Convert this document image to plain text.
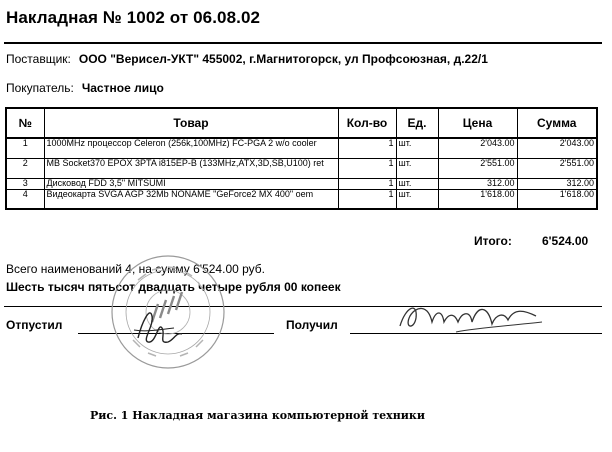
Накладная № 1002 от 06.08.02
Поставщик: ООО "Верисел-УКТ" 455002, г.Магнитогорск, ул Профсоюзная, д.22/1
Покупатель: Частное лицо
№	Товар	Кол-во	Ед.	Цена	Сумма
1	1000MHz процессор Celeron (256k,100MHz) FC-PGA 2 w/o cooler	1	шт.	2'043.00	2'043.00
2	MB Socket370 EPOX 3PTA i815EP-B (133MHz,ATX,3D,SB,U100) ret	1	шт.	2'551.00	2'551.00
3	Дисковод FDD 3,5" MITSUMI	1	шт.	312.00	312.00
4	Видеокарта SVGA AGP 32Mb NONAME "GeForce2 MX 400" oem	1	шт.	1'618.00	1'618.00
Итого:	6'524.00
Всего наименований 4, на сумму 6'524.00 руб.
Шесть тысяч пятьсот двадцать четыре рубля 00 копеек
Отпустил	Получил
Рис. 1 Накладная магазина компьютерной техники
